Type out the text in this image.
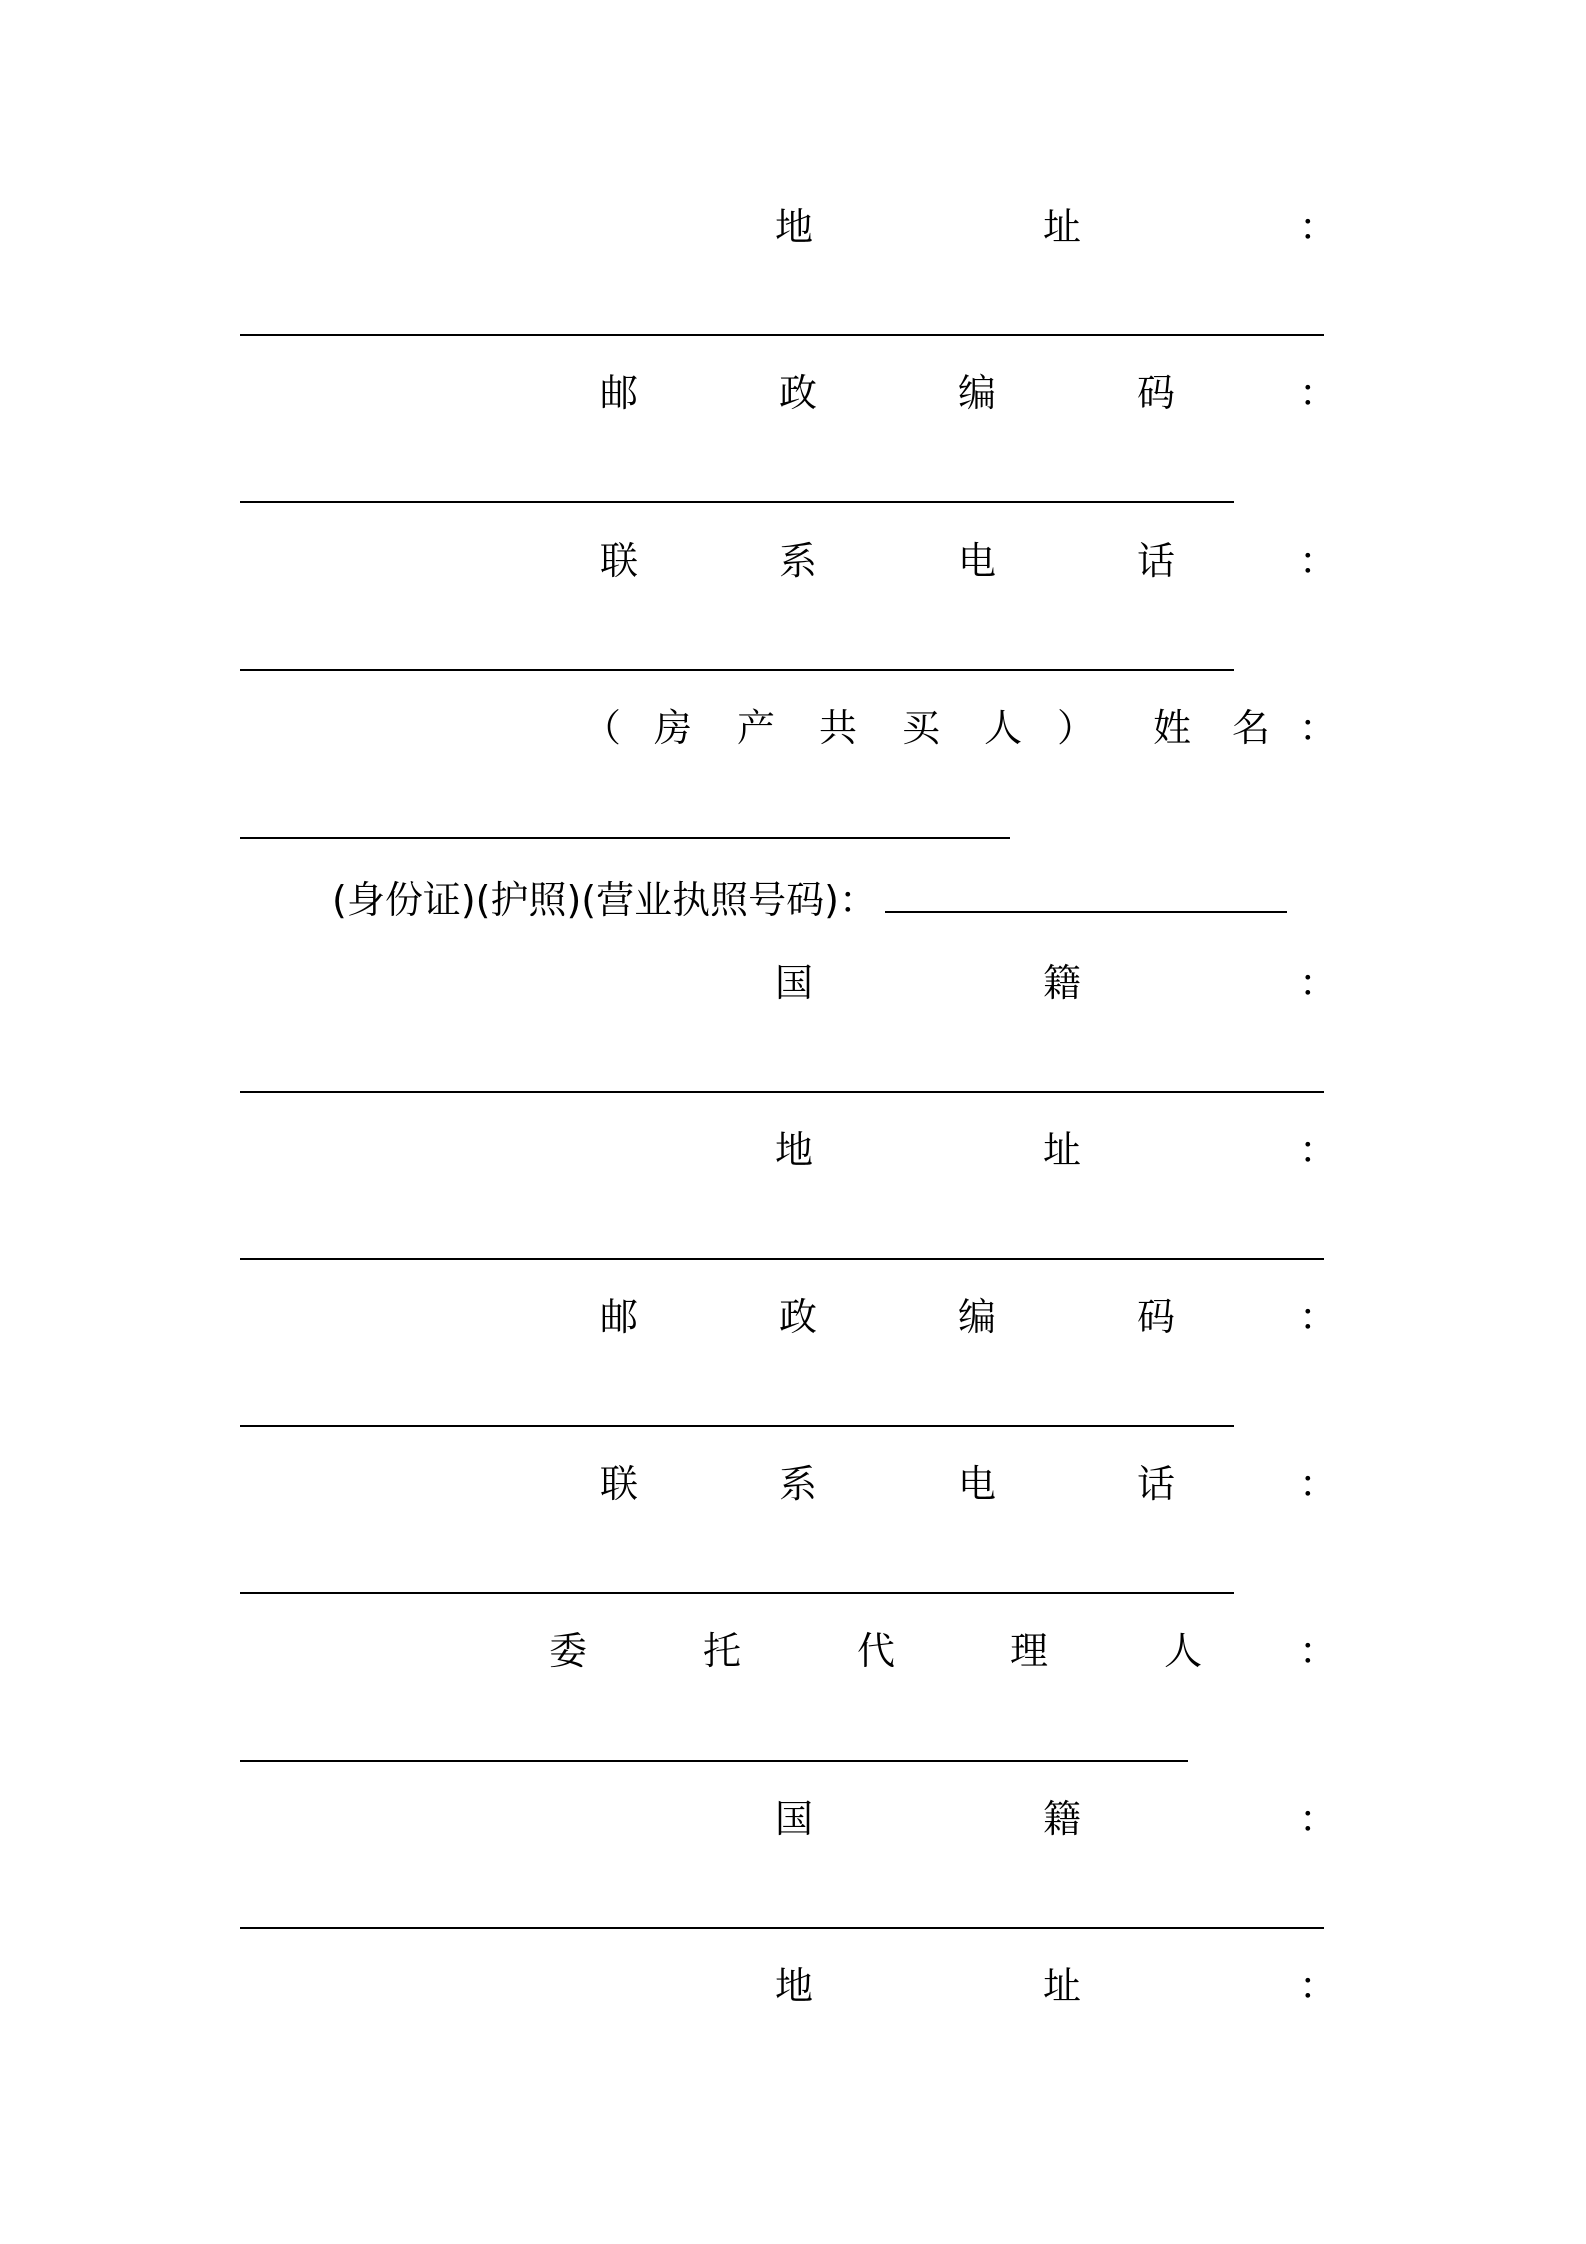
地	址	：
邮	政	编	码	：
联	系	电	话	：
（ 房 产 共 买 人 ） 姓 名 ：
(身份证)(护照)(营业执照号码)：
国	籍	：
地	址	：
邮	政	编	码	：
联	系	电	话	：
委	托	代	理	人	：
国	籍	：
地	址	：
